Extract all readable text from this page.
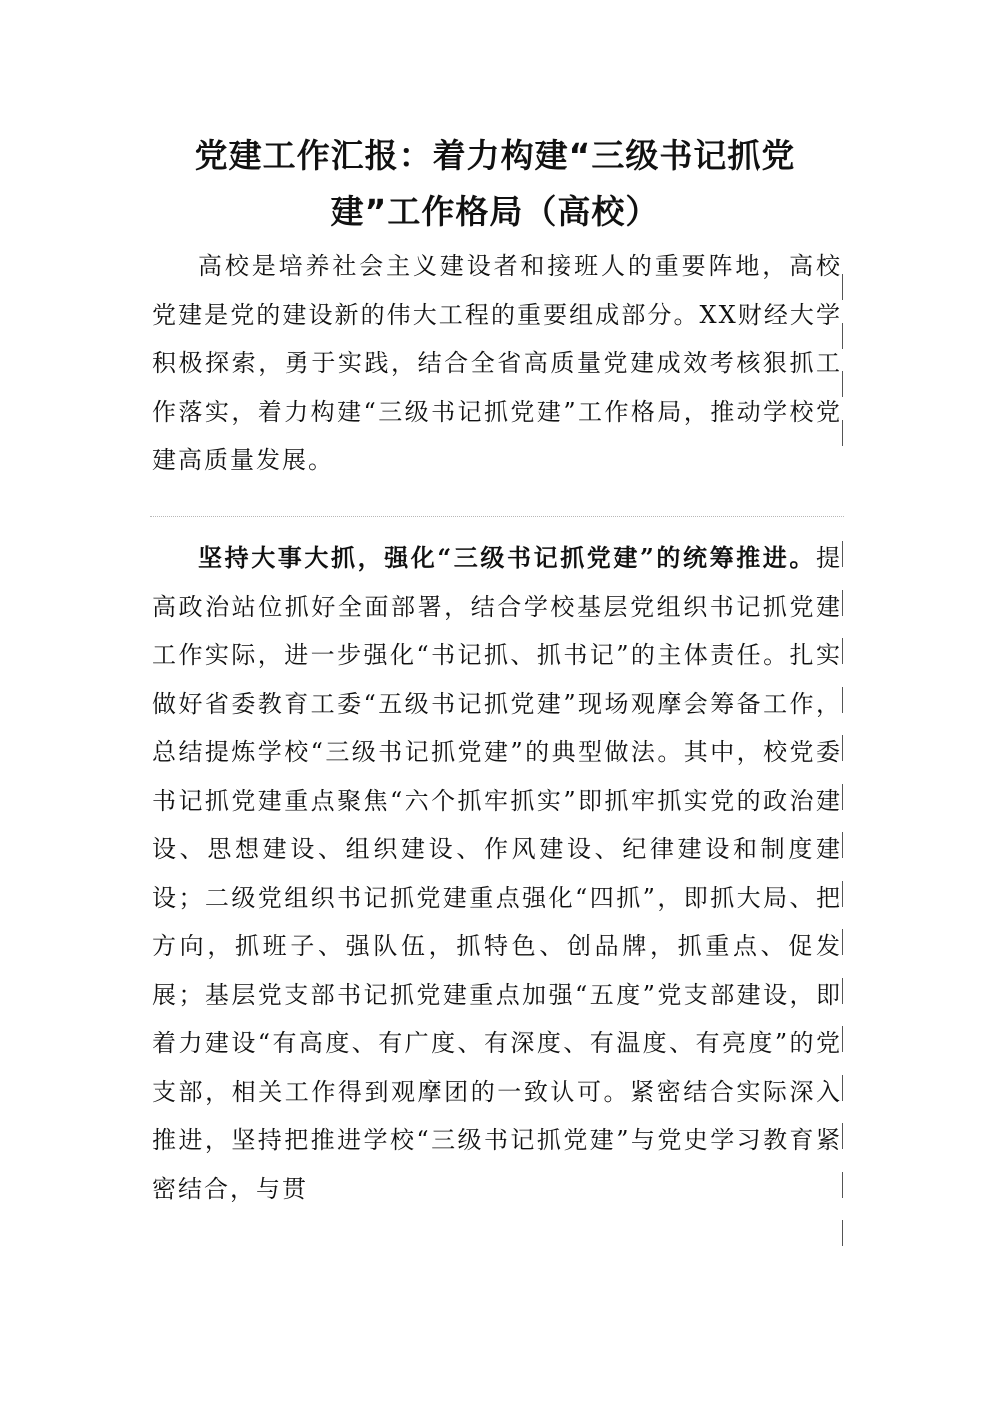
党建工作汇报：着力构建“三级书记抓党建”工作格局（高校）

高校是培养社会主义建设者和接班人的重要阵地，高校党建是党的建设新的伟大工程的重要组成部分。XX财经大学积极探索，勇于实践，结合全省高质量党建成效考核狠抓工作落实，着力构建“三级书记抓党建”工作格局，推动学校党建高质量发展。

坚持大事大抓，强化“三级书记抓党建”的统筹推进。提高政治站位抓好全面部署，结合学校基层党组织书记抓党建工作实际，进一步强化“书记抓、抓书记”的主体责任。扎实做好省委教育工委“五级书记抓党建”现场观摩会筹备工作，总结提炼学校“三级书记抓党建”的典型做法。其中，校党委书记抓党建重点聚焦“六个抓牢抓实”即抓牢抓实党的政治建设、思想建设、组织建设、作风建设、纪律建设和制度建设；二级党组织书记抓党建重点强化“四抓”，即抓大局、把方向，抓班子、强队伍，抓特色、创品牌，抓重点、促发展；基层党支部书记抓党建重点加强“五度”党支部建设，即着力建设“有高度、有广度、有深度、有温度、有亮度”的党支部，相关工作得到观摩团的一致认可。紧密结合实际深入推进，坚持把推进学校“三级书记抓党建”与党史学习教育紧密结合，与贯
